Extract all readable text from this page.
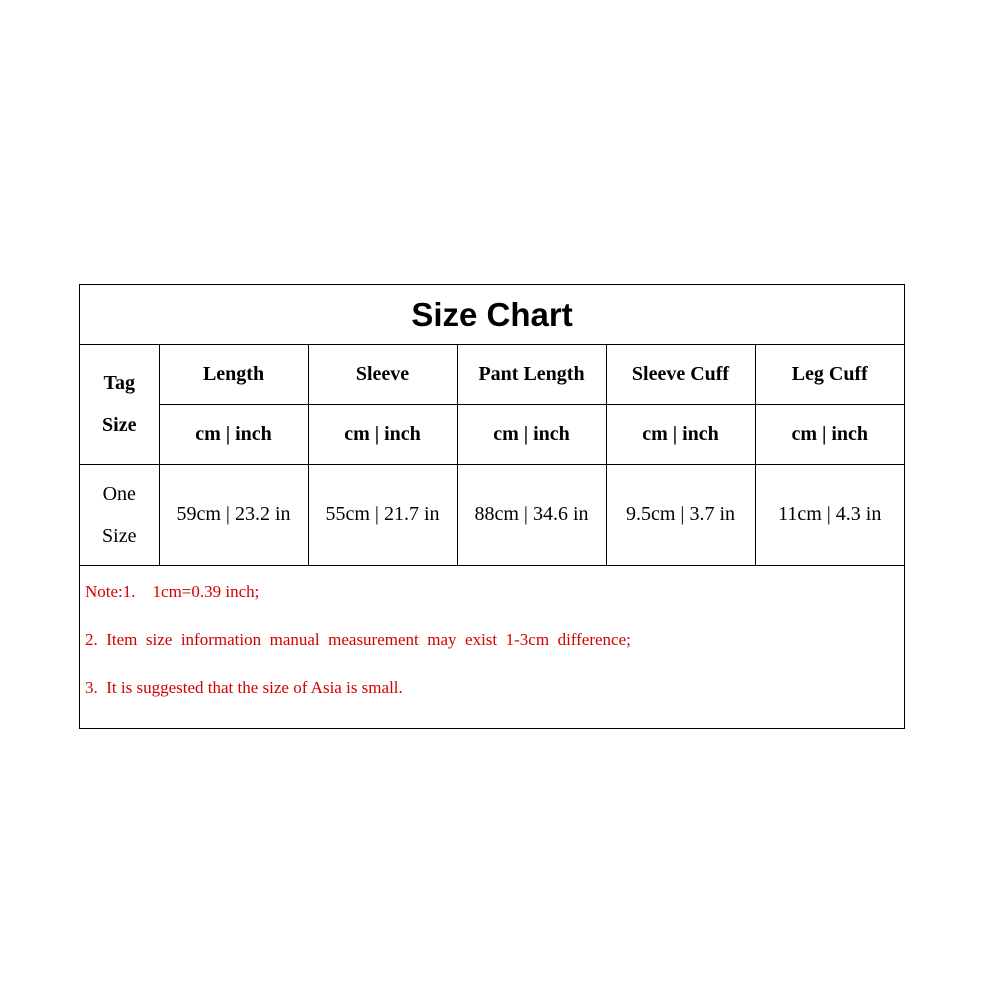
Size Chart
Tag
Size	Length	Sleeve	Pant Length	Sleeve Cuff	Leg Cuff
	cm | inch	cm | inch	cm | inch	cm | inch	cm | inch
One
Size	59cm | 23.2 in	55cm | 21.7 in	88cm | 34.6 in	9.5cm | 3.7 in	11cm | 4.3 in
Note:1.    1cm=0.39 inch;
2.  Item  size  information  manual  measurement  may  exist  1-3cm  difference;
3.  It is suggested that the size of Asia is small.
